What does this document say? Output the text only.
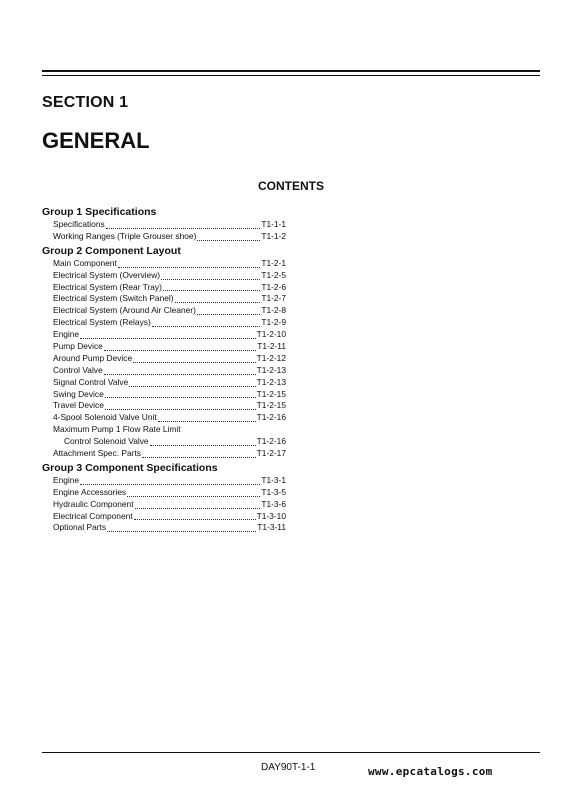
SECTION 1
GENERAL
CONTENTS
Group 1 Specifications
Specifications	T1-1-1
Working Ranges (Triple Grouser shoe)	T1-1-2
Group 2 Component Layout
Main Component	T1-2-1
Electrical System (Overview)	T1-2-5
Electrical System (Rear Tray)	T1-2-6
Electrical System (Switch Panel)	T1-2-7
Electrical System (Around Air Cleaner)	T1-2-8
Electrical System (Relays)	T1-2-9
Engine	T1-2-10
Pump Device	T1-2-11
Around Pump Device	T1-2-12
Control Valve	T1-2-13
Signal Control Valve	T1-2-13
Swing Device	T1-2-15
Travel Device	T1-2-15
4-Spool Solenoid Valve Unit	T1-2-16
Maximum Pump 1 Flow Rate Limit
Control Solenoid Valve	T1-2-16
Attachment Spec. Parts	T1-2-17
Group 3 Component Specifications
Engine	T1-3-1
Engine Accessories	T1-3-5
Hydraulic Component	T1-3-6
Electrical Component	T1-3-10
Optional Parts	T1-3-11
DAY90T-1-1	www.epcatalogs.com
